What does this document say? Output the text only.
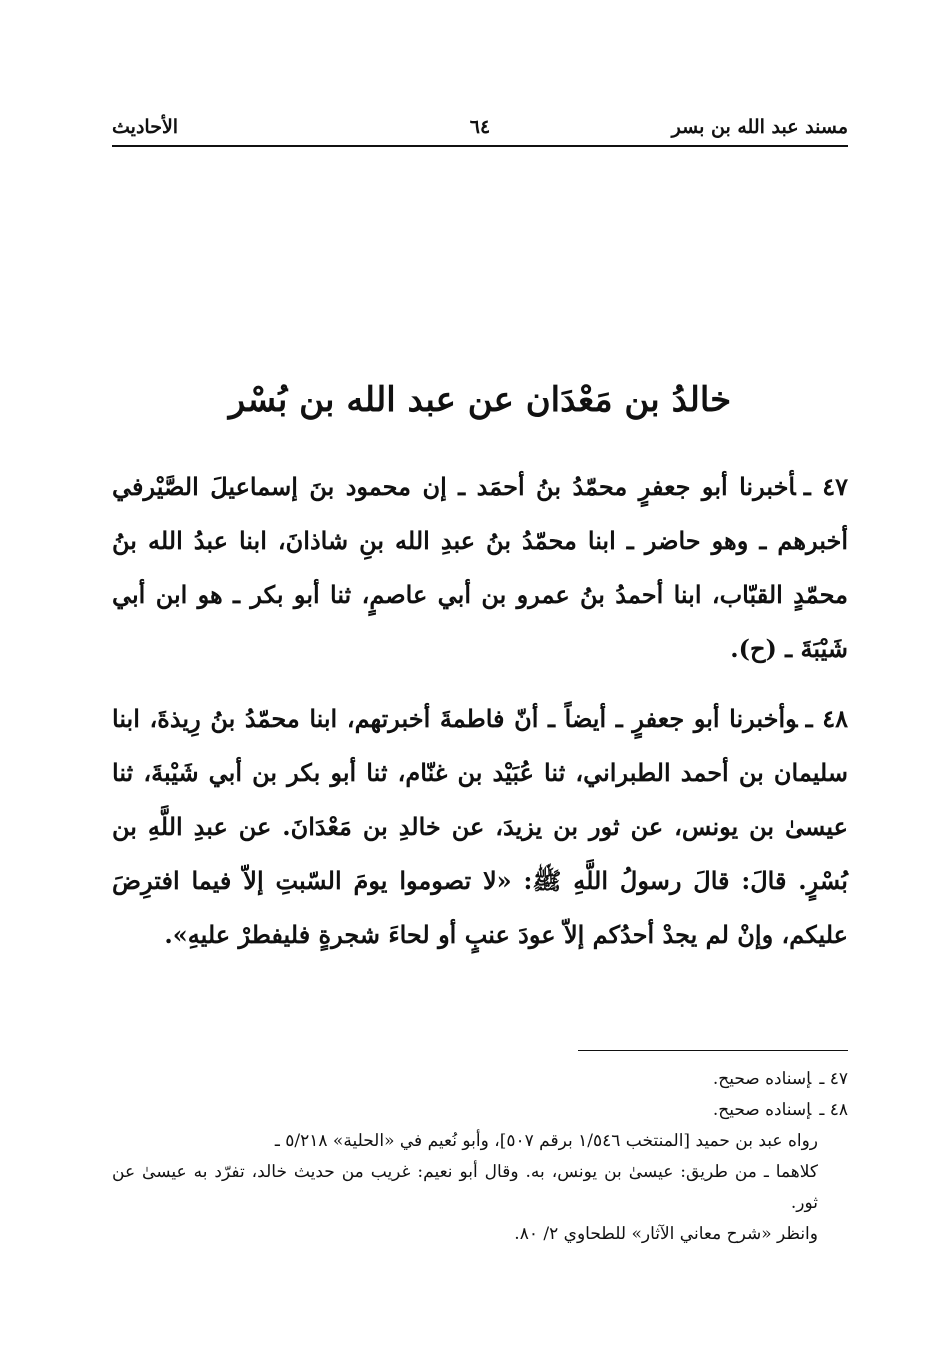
مسند عبد الله بن بسر
٦٤
الأحاديث
خالدُ بن مَعْدَان عن عبد الله بن بُسْر

٤٧ ـأخبرنا أبو جعفرٍ محمّدُ بنُ أحمَد ـ إن محمود بنَ إسماعيلَ الصَّيْرفي أخبرهم ـ وهو حاضر ـ ابنا محمّدُ بنُ عبدِ الله بنِ شاذانَ، ابنا عبدُ الله بنُ محمّدٍ القبّاب، ابنا أحمدُ بنُ عمرو بن أبي عاصمٍ، ثنا أبو بكر ـ هو ابن أبي شَيْبَةَ ـ (ح).

٤٨ ـوأخبرنا أبو جعفرٍ ـ أيضاً ـ أنّ فاطمةَ أخبرتهم، ابنا محمّدُ بنُ رِيذةَ، ابنا سليمان بن أحمد الطبراني، ثنا عُبَيْد بن غنّام، ثنا أبو بكر بن أبي شَيْبةَ، ثنا عيسىٰ بن يونس، عن ثور بن يزيدَ، عن خالدِ بن مَعْدَانَ. عن عبدِ اللَّهِ بن بُسْرٍ. قالَ: قالَ رسولُ اللَّهِ ﷺ: «لا تصوموا يومَ السّبتِ إلاّ فيما افترِضَ عليكم، وإنْ لم يجدْ أحدُكم إلاّ عودَ عنبٍ أو لحاءَ شجرةٍ فليفطرْ عليهِ».

٤٧ ـإسناده صحيح.

٤٨ ـإسناده صحيح.

رواه عبد بن حميد [المنتخب ١/٥٤٦ برقم ٥٠٧]، وأبو نُعيم في «الحلية» ٥/٢١٨ ـ

كلاهما ـ من طريق: عيسىٰ بن يونس، به. وقال أبو نعيم: غريب من حديث خالد، تفرّد به عيسىٰ عن ثور.

وانظر «شرح معاني الآثار» للطحاوي ٢/ ٨٠.
